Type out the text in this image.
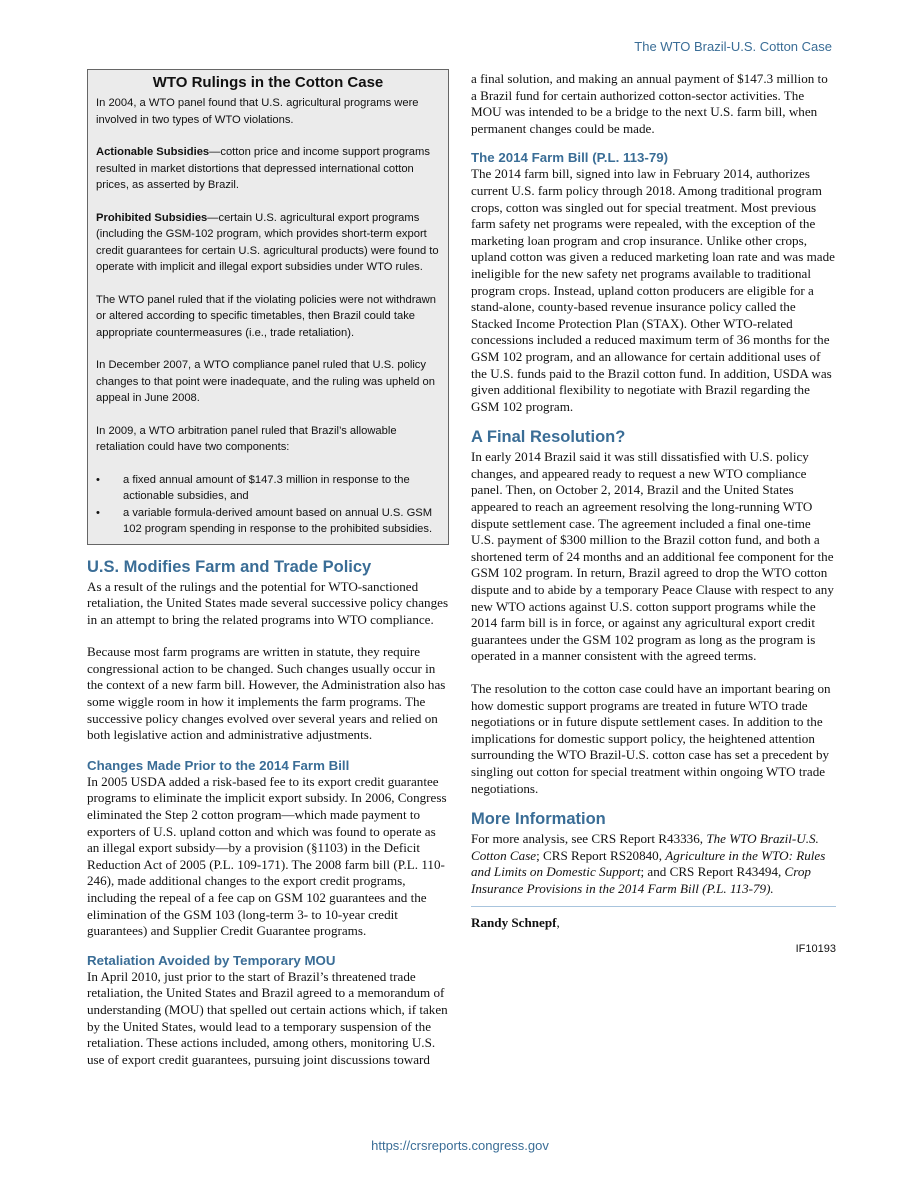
The WTO Brazil-U.S. Cotton Case
WTO Rulings in the Cotton Case

In 2004, a WTO panel found that U.S. agricultural programs were involved in two types of WTO violations.

Actionable Subsidies—cotton price and income support programs resulted in market distortions that depressed international cotton prices, as asserted by Brazil.

Prohibited Subsidies—certain U.S. agricultural export programs (including the GSM-102 program, which provides short-term export credit guarantees for certain U.S. agricultural products) were found to operate with implicit and illegal export subsidies under WTO rules.

The WTO panel ruled that if the violating policies were not withdrawn or altered according to specific timetables, then Brazil could take appropriate countermeasures (i.e., trade retaliation).

In December 2007, a WTO compliance panel ruled that U.S. policy changes to that point were inadequate, and the ruling was upheld on appeal in June 2008.

In 2009, a WTO arbitration panel ruled that Brazil’s allowable retaliation could have two components:

• a fixed annual amount of $147.3 million in response to the actionable subsidies, and
• a variable formula-derived amount based on annual U.S. GSM 102 program spending in response to the prohibited subsidies.
U.S. Modifies Farm and Trade Policy

As a result of the rulings and the potential for WTO-sanctioned retaliation, the United States made several successive policy changes in an attempt to bring the related programs into WTO compliance.

Because most farm programs are written in statute, they require congressional action to be changed. Such changes usually occur in the context of a new farm bill. However, the Administration also has some wiggle room in how it implements the farm programs. The successive policy changes evolved over several years and relied on both legislative action and administrative adjustments.

Changes Made Prior to the 2014 Farm Bill

In 2005 USDA added a risk-based fee to its export credit guarantee programs to eliminate the implicit export subsidy. In 2006, Congress eliminated the Step 2 cotton program—which made payment to exporters of U.S. upland cotton and which was found to operate as an illegal export subsidy—by a provision (§1103) in the Deficit Reduction Act of 2005 (P.L. 109-171). The 2008 farm bill (P.L. 110-246), made additional changes to the export credit programs, including the repeal of a fee cap on GSM 102 guarantees and the elimination of the GSM 103 (long-term 3- to 10-year credit guarantees) and Supplier Credit Guarantee programs.

Retaliation Avoided by Temporary MOU

In April 2010, just prior to the start of Brazil’s threatened trade retaliation, the United States and Brazil agreed to a memorandum of understanding (MOU) that spelled out certain actions which, if taken by the United States, would lead to a temporary suspension of the retaliation. These actions included, among others, monitoring U.S. use of export credit guarantees, pursuing joint discussions toward

a final solution, and making an annual payment of $147.3 million to a Brazil fund for certain authorized cotton-sector activities. The MOU was intended to be a bridge to the next U.S. farm bill, when permanent changes could be made.

The 2014 Farm Bill (P.L. 113-79)

The 2014 farm bill, signed into law in February 2014, authorizes current U.S. farm policy through 2018. Among traditional program crops, cotton was singled out for special treatment. Most previous farm safety net programs were repealed, with the exception of the marketing loan program and crop insurance. Unlike other crops, upland cotton was given a reduced marketing loan rate and was made ineligible for the new safety net programs available to traditional program crops. Instead, upland cotton producers are eligible for a stand-alone, county-based revenue insurance policy called the Stacked Income Protection Plan (STAX). Other WTO-related concessions included a reduced maximum term of 36 months for the GSM 102 program, and an allowance for certain additional uses of the U.S. funds paid to the Brazil cotton fund. In addition, USDA was given additional flexibility to negotiate with Brazil regarding the GSM 102 program.

A Final Resolution?

In early 2014 Brazil said it was still dissatisfied with U.S. policy changes, and appeared ready to request a new WTO compliance panel. Then, on October 2, 2014, Brazil and the United States appeared to reach an agreement resolving the long-running WTO dispute settlement case. The agreement included a final one-time U.S. payment of $300 million to the Brazil cotton fund, and both a shortened term of 24 months and an additional fee component for the GSM 102 program. In return, Brazil agreed to drop the WTO cotton dispute and to abide by a temporary Peace Clause with respect to any new WTO actions against U.S. cotton support programs while the 2014 farm bill is in force, or against any agricultural export credit guarantees under the GSM 102 program as long as the program is operated in a manner consistent with the agreed terms.

The resolution to the cotton case could have an important bearing on how domestic support programs are treated in future WTO trade negotiations or in future dispute settlement cases. In addition to the implications for domestic support policy, the heightened attention surrounding the WTO Brazil-U.S. cotton case has set a precedent by singling out cotton for special treatment within ongoing WTO trade negotiations.

More Information

For more analysis, see CRS Report R43336, The WTO Brazil-U.S. Cotton Case; CRS Report RS20840, Agriculture in the WTO: Rules and Limits on Domestic Support; and CRS Report R43494, Crop Insurance Provisions in the 2014 Farm Bill (P.L. 113-79).

Randy Schnepf,

IF10193
https://crsreports.congress.gov
